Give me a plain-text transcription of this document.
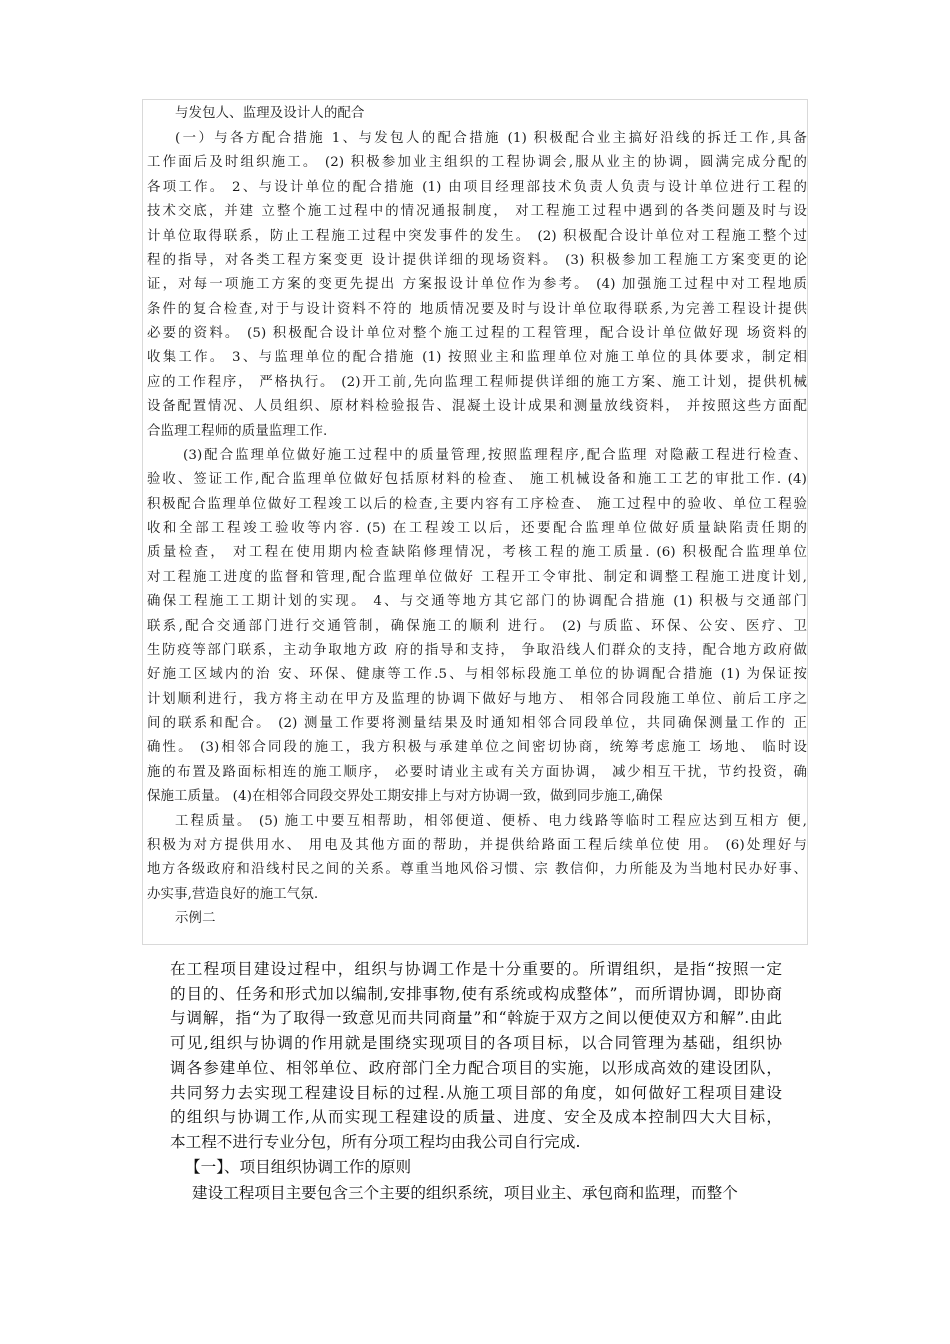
与发包人、监理及设计人的配合
(一）与各方配合措施 1、与发包人的配合措施 (1) 积极配合业主搞好沿线的拆迁工作,具备
工作面后及时组织施工。 (2) 积极参加业主组织的工程协调会,服从业主的协调，圆满完成分配的
各项工作。 2、与设计单位的配合措施 (1) 由项目经理部技术负责人负责与设计单位进行工程的
技术交底，并建 立整个施工过程中的情况通报制度， 对工程施工过程中遇到的各类问题及时与设
计单位取得联系，防止工程施工过程中突发事件的发生。 (2) 积极配合设计单位对工程施工整个过
程的指导，对各类工程方案变更 设计提供详细的现场资料。 (3) 积极参加工程施工方案变更的论
证，对每一项施工方案的变更先提出 方案报设计单位作为参考。 (4) 加强施工过程中对工程地质
条件的复合检查,对于与设计资料不符的 地质情况要及时与设计单位取得联系,为完善工程设计提供
必要的资料。 (5) 积极配合设计单位对整个施工过程的工程管理，配合设计单位做好现 场资料的
收集工作。 3、与监理单位的配合措施 (1) 按照业主和监理单位对施工单位的具体要求，制定相
应的工作程序， 严格执行。 (2)开工前,先向监理工程师提供详细的施工方案、施工计划，提供机械
设备配置情况、人员组织、原材料检验报告、混凝土设计成果和测量放线资料， 并按照这些方面配
合监理工程师的质量监理工作.
(3)配合监理单位做好施工过程中的质量管理,按照监理程序,配合监理 对隐蔽工程进行检查、
验收、签证工作,配合监理单位做好包括原材料的检查、 施工机械设备和施工工艺的审批工作. (4)
积极配合监理单位做好工程竣工以后的检查,主要内容有工序检查、 施工过程中的验收、单位工程验
收和全部工程竣工验收等内容. (5) 在工程竣工以后，还要配合监理单位做好质量缺陷责任期的
质量检查， 对工程在使用期内检查缺陷修理情况，考核工程的施工质量. (6) 积极配合监理单位
对工程施工进度的监督和管理,配合监理单位做好 工程开工令审批、制定和调整工程施工进度计划,
确保工程施工工期计划的实现。 4、与交通等地方其它部门的协调配合措施 (1) 积极与交通部门
联系,配合交通部门进行交通管制，确保施工的顺利 进行。 (2) 与质监、环保、公安、医疗、卫
生防疫等部门联系，主动争取地方政 府的指导和支持， 争取沿线人们群众的支持，配合地方政府做
好施工区域内的治 安、环保、健康等工作.5、与相邻标段施工单位的协调配合措施 (1) 为保证按
计划顺利进行，我方将主动在甲方及监理的协调下做好与地方、 相邻合同段施工单位、前后工序之
间的联系和配合。 (2) 测量工作要将测量结果及时通知相邻合同段单位，共同确保测量工作的 正
确性。 (3)相邻合同段的施工，我方积极与承建单位之间密切协商，统筹考虑施工 场地、 临时设
施的布置及路面标相连的施工顺序， 必要时请业主或有关方面协调， 减少相互干扰，节约投资，确
保施工质量。 (4)在相邻合同段交界处工期安排上与对方协调一致，做到同步施工,确保
工程质量。 (5) 施工中要互相帮助，相邻便道、便桥、电力线路等临时工程应达到互相方 便,
积极为对方提供用水、 用电及其他方面的帮助，并提供给路面工程后续单位使 用。 (6)处理好与
地方各级政府和沿线村民之间的关系。尊重当地风俗习惯、宗 教信仰，力所能及为当地村民办好事、
办实事,营造良好的施工气氛.
示例二
在工程项目建设过程中，组织与协调工作是十分重要的。所谓组织，是指“按照一定
的目的、任务和形式加以编制,安排事物,使有系统或构成整体”，而所谓协调，即协商
与调解，指“为了取得一致意见而共同商量”和“斡旋于双方之间以便使双方和解”.由此
可见,组织与协调的作用就是围绕实现项目的各项目标，以合同管理为基础，组织协
调各参建单位、相邻单位、政府部门全力配合项目的实施，以形成高效的建设团队，
共同努力去实现工程建设目标的过程.从施工项目部的角度，如何做好工程项目建设
的组织与协调工作,从而实现工程建设的质量、进度、安全及成本控制四大大目标，
本工程不进行专业分包，所有分项工程均由我公司自行完成.
【一】、项目组织协调工作的原则
建设工程项目主要包含三个主要的组织系统，项目业主、承包商和监理，而整个
